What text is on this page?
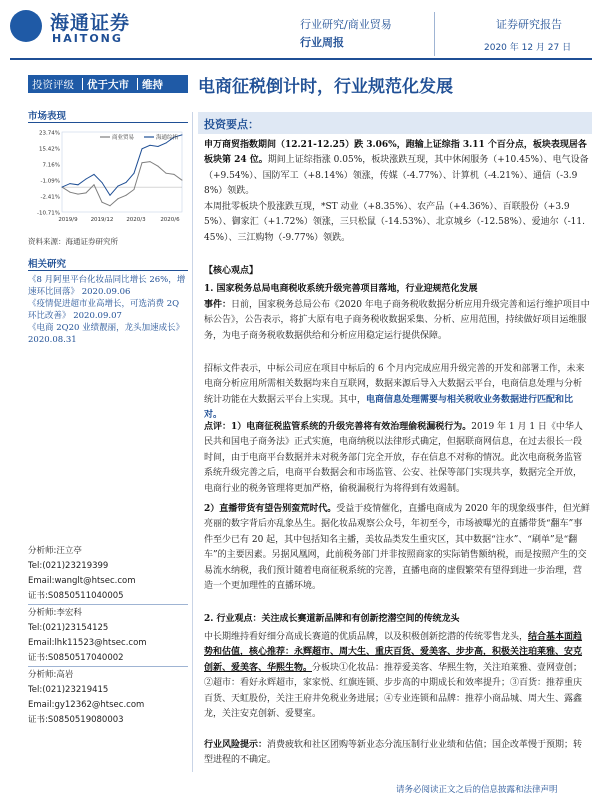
海通证券
HAITONG
行业研究/商业贸易
行业周报
证券研究报告
2020 年 12 月 27 日
投资评级 优于大市 维持 电商征税倒计时，行业规范化发展
市场表现
23.74%
15.42%
7.16%
-1.09%
-2.41%
-10.71%
2019/9 2019/12 2020/3	2020/6
商业贸易	海通综指
资料来源：海通证券研究所
相关研究
《8 月阿里平台化妆品同比增长 26%，增速环比回落》 2020.09.06
《疫情促进超市业高增长，可选消费 2Q 环比改善》 2020.09.07
《电商 2Q20 业绩靓丽，龙头加速成长》 2020.08.31
分析师:汪立亭
Tel:(021)23219399
Email:wanglt@htsec.com
证书:S0850511040005
分析师:李宏科
Tel:(021)23154125
Email:lhk11523@htsec.com
证书:S0850517040002
分析师:高岩
Tel:(021)23219415
Email:gy12362@htsec.com
证书:S0850519080003
投资要点：
申万商贸指数期间（12.21-12.25）跌 3.06%，跑输上证综指 3.11 个百分点，板块表现居各板块第 24 位。期间上证综指涨 0.05%，板块涨跌互现，其中休闲服务（+10.45%）、电气设备（+9.54%）、国防军工（+8.14%）领涨，传媒（-4.77%）、计算机（-4.21%）、通信（-3.98%）领跌。
本周批零板块个股涨跌互现，*ST 动业（+8.35%）、农产品（+4.36%）、百联股份（+3.95%）、御家汇（+1.72%）领涨，三只松鼠（-14.53%）、北京城乡（-12.58%）、爱迪尔（-11.45%）、三江购物（-9.77%）领跌。
【核心观点】
1. 国家税务总局电商税收系统升级完善项目落地，行业迎规范化发展
事件：日前，国家税务总局公布《2020 年电子商务税收数据分析应用升级完善和运行维护项目中标公告》，公告表示，将扩大原有电子商务税收数据采集、分析、应用范围，持续做好项目运维服务，为电子商务税收数据供给和分析应用稳定运行提供保障。
招标文件表示，中标公司应在项目中标后的 6 个月内完成应用升级完善的开发和部署工作，未来电商分析应用所需相关数据均来自互联网，数据来源后导入大数据云平台，电商信息处理与分析统计功能在大数据云平台上实现。其中，电商信息处理需要与相关税收业务数据进行匹配和比对。
点评：1）电商征税监管系统的升级完善将有效治理偷税漏税行为。2019 年 1 月 1 日《中华人民共和国电子商务法》正式实施，电商纳税以法律形式确定，但据联商网信息，在过去很长一段时间，由于电商平台数据并未对税务部门完全开放，存在信息不对称的情况。此次电商税务监管系统升级完善之后，电商平台数据会和市场监管、公安、社保等部门实现共享，数据完全开放，电商行业的税务管理将更加严格，偷税漏税行为将得到有效遏制。
2）直播带货有望告别蛮荒时代。受益于疫情催化，直播电商成为 2020 年的现象级事件，但光鲜亮丽的数字背后亦乱象丛生。据化妆品观察公众号，年初至今，市场被曝光的直播带货“翻车”事件至少已有 20 起，其中包括知名主播，美妆品类发生重灾区，其中数据“注水”、“刷单”是“翻车”的主要因素。另据风凰网，此前税务部门并非按照商家的实际销售额纳税，而是按照产生的交易流水纳税，我们预计随着电商征税系统的完善，直播电商的虚假繁荣有望得到进一步治理，营造一个更加理性的直播环境。
2. 行业观点：关注成长赛道新品牌和有创新挖潜空间的传统龙头
中长期维持看好细分高成长赛道的优质品牌，以及积极创新挖潜的传统零售龙头，结合基本面趋势和估值，核心推荐：永辉超市、周大生、重庆百货、爱美客、步步高，积极关注珀莱雅、安克创新、爱美客、华熙生物。分板块①化妆品：推荐爱美客、华熙生物，关注珀莱雅、壹网壹创；②超市：看好永辉超市，家家悦、红旗连锁、步步高的中期成长和效率提升；③百货：推荐重庆百货、天虹股份，关注王府井免税业务进展；④专业连锁和品牌：推荐小商品城、周大生、露鑫龙，关注安克创新、爱婴室。
行业风险提示：消费疲软和社区团购等新业态分流压制行业业绩和估值；国企改革慢于预期；转型进程的不确定。
请务必阅读正文之后的信息披露和法律声明
